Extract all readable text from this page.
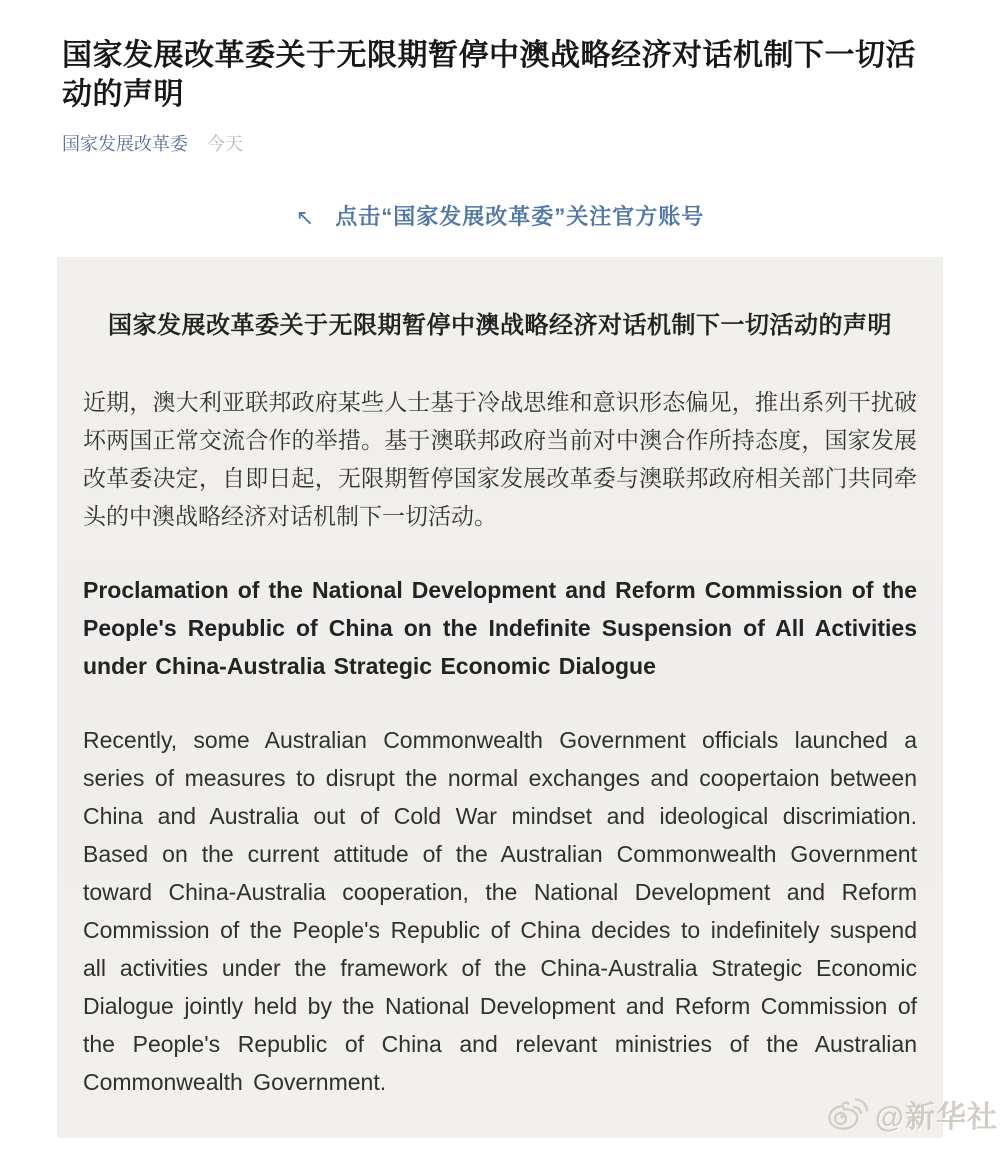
国家发展改革委关于无限期暂停中澳战略经济对话机制下一切活动的声明
国家发展改革委 今天
↖ 点击“国家发展改革委”关注官方账号
国家发展改革委关于无限期暂停中澳战略经济对话机制下一切活动的声明
近期，澳大利亚联邦政府某些人士基于冷战思维和意识形态偏见，推出系列干扰破坏两国正常交流合作的举措。基于澳联邦政府当前对中澳合作所持态度，国家发展改革委决定，自即日起，无限期暂停国家发展改革委与澳联邦政府相关部门共同牵头的中澳战略经济对话机制下一切活动。
Proclamation of the National Development and Reform Commission of the People's Republic of China on the Indefinite Suspension of All Activities under China-Australia Strategic Economic Dialogue
Recently, some Australian Commonwealth Government officials launched a series of measures to disrupt the normal exchanges and coopertaion between China and Australia out of Cold War mindset and ideological discrimiation. Based on the current attitude of the Australian Commonwealth Government toward China-Australia cooperation, the National Development and Reform Commission of the People's Republic of China decides to indefinitely suspend all activities under the framework of the China-Australia Strategic Economic Dialogue jointly held by the National Development and Reform Commission of the People's Republic of China and relevant ministries of the Australian Commonwealth Government.
@新华社
